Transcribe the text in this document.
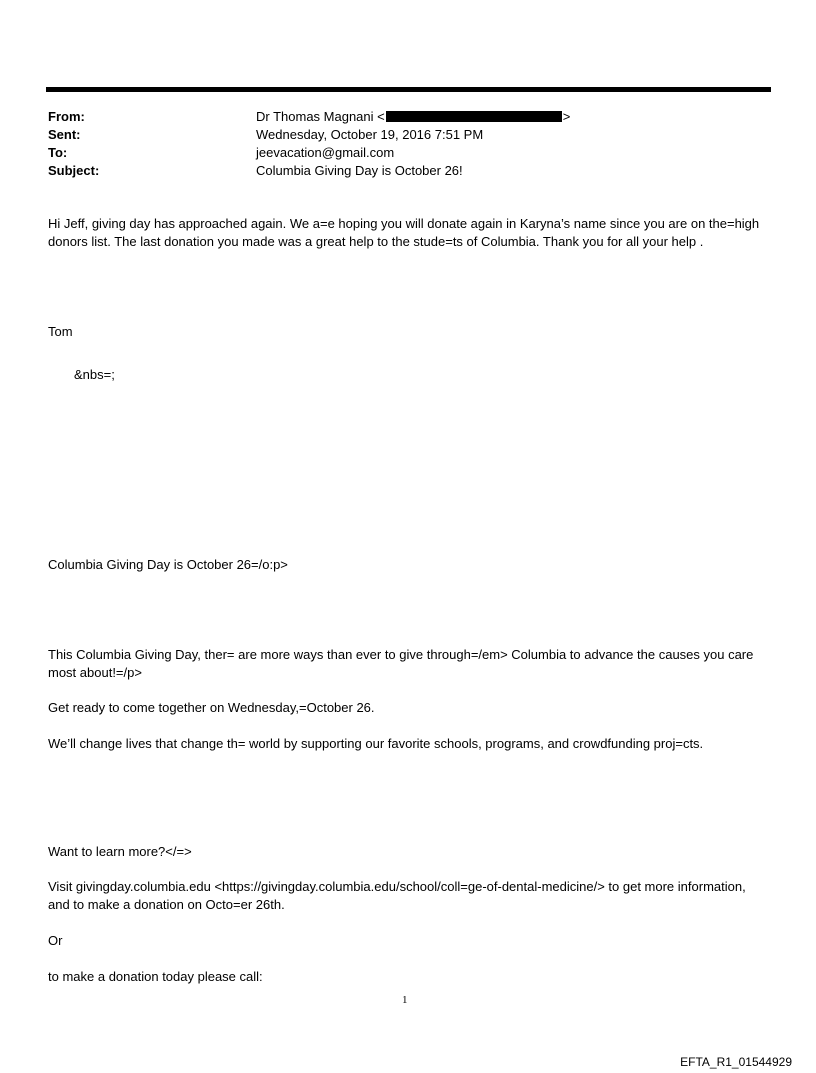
From:	Dr Thomas Magnani <	>
Sent:	Wednesday, October 19, 2016 7:51 PM
To:	jeevacation@gmail.com
Subject:	Columbia Giving Day is October 26!
Hi Jeff, giving day has approached again. We a=e hoping you will donate again in Karyna’s name since you are on the=high donors list. The last donation you made was a great help to the stude=ts of Columbia. Thank you for all your help .
Tom
&nbs=;
Columbia Giving Day is October 26=/o:p>
This Columbia Giving Day, ther= are more ways than ever to give through=/em> Columbia to advance the causes you care most about!=/p>
Get ready to come together on Wednesday,=October 26.
We’ll change lives that change th= world by supporting our favorite schools, programs, and crowdfunding proj=cts.
Want to learn more?</=>
Visit givingday.columbia.edu <https://givingday.columbia.edu/school/coll=ge-of-dental-medicine/> to get more information, and to make a donation on Octo=er 26th.
Or
to make a donation today please call:
1
EFTA_R1_01544929
